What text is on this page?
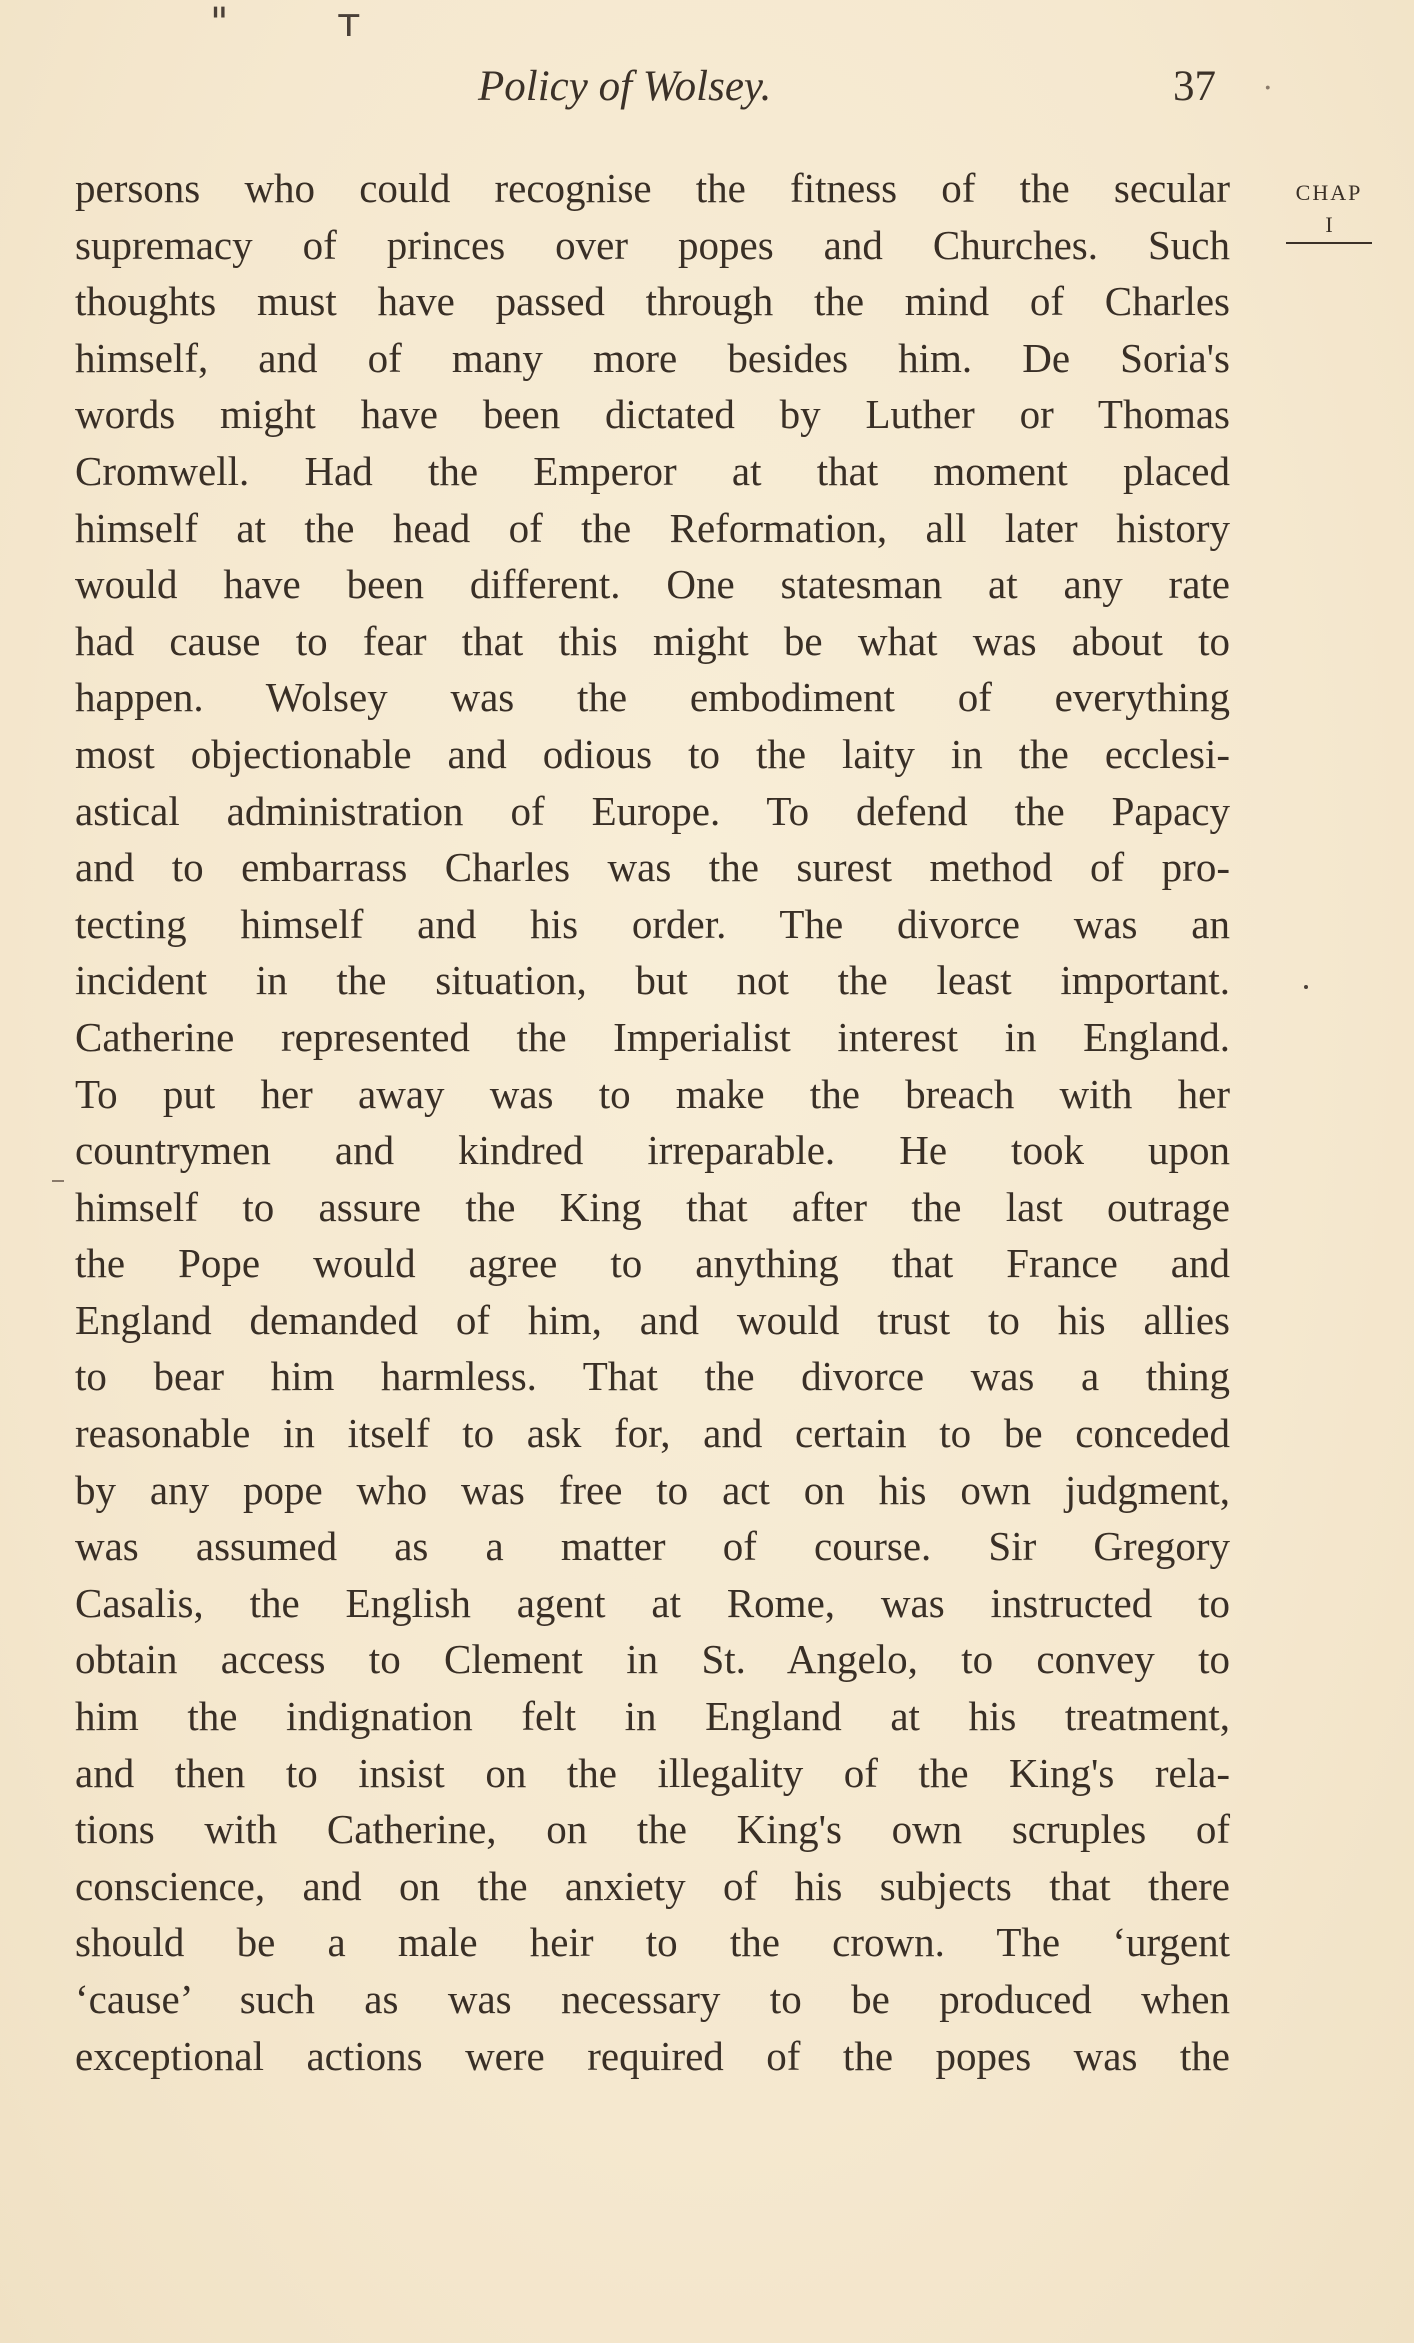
" ᴛ
Policy of Wolsey.	37 .
CHAP
I
persons who could recognise the fitness of the secular
supremacy of princes over popes and Churches. Such
thoughts must have passed through the mind of Charles
himself, and of many more besides him. De Soria's
words might have been dictated by Luther or Thomas
Cromwell. Had the Emperor at that moment placed
himself at the head of the Reformation, all later history
would have been different. One statesman at any rate
had cause to fear that this might be what was about to
happen. Wolsey was the embodiment of everything
most objectionable and odious to the laity in the ecclesi-
astical administration of Europe. To defend the Papacy
and to embarrass Charles was the surest method of pro-
tecting himself and his order. The divorce was an
incident in the situation, but not the least important.
Catherine represented the Imperialist interest in England.
To put her away was to make the breach with her
countrymen and kindred irreparable. He took upon
himself to assure the King that after the last outrage
the Pope would agree to anything that France and
England demanded of him, and would trust to his allies
to bear him harmless. That the divorce was a thing
reasonable in itself to ask for, and certain to be conceded
by any pope who was free to act on his own judgment,
was assumed as a matter of course. Sir Gregory
Casalis, the English agent at Rome, was instructed to
obtain access to Clement in St. Angelo, to convey to
him the indignation felt in England at his treatment,
and then to insist on the illegality of the King's rela-
tions with Catherine, on the King's own scruples of
conscience, and on the anxiety of his subjects that there
should be a male heir to the crown. The ‘urgent
‘cause’ such as was necessary to be produced when
exceptional actions were required of the popes was the
